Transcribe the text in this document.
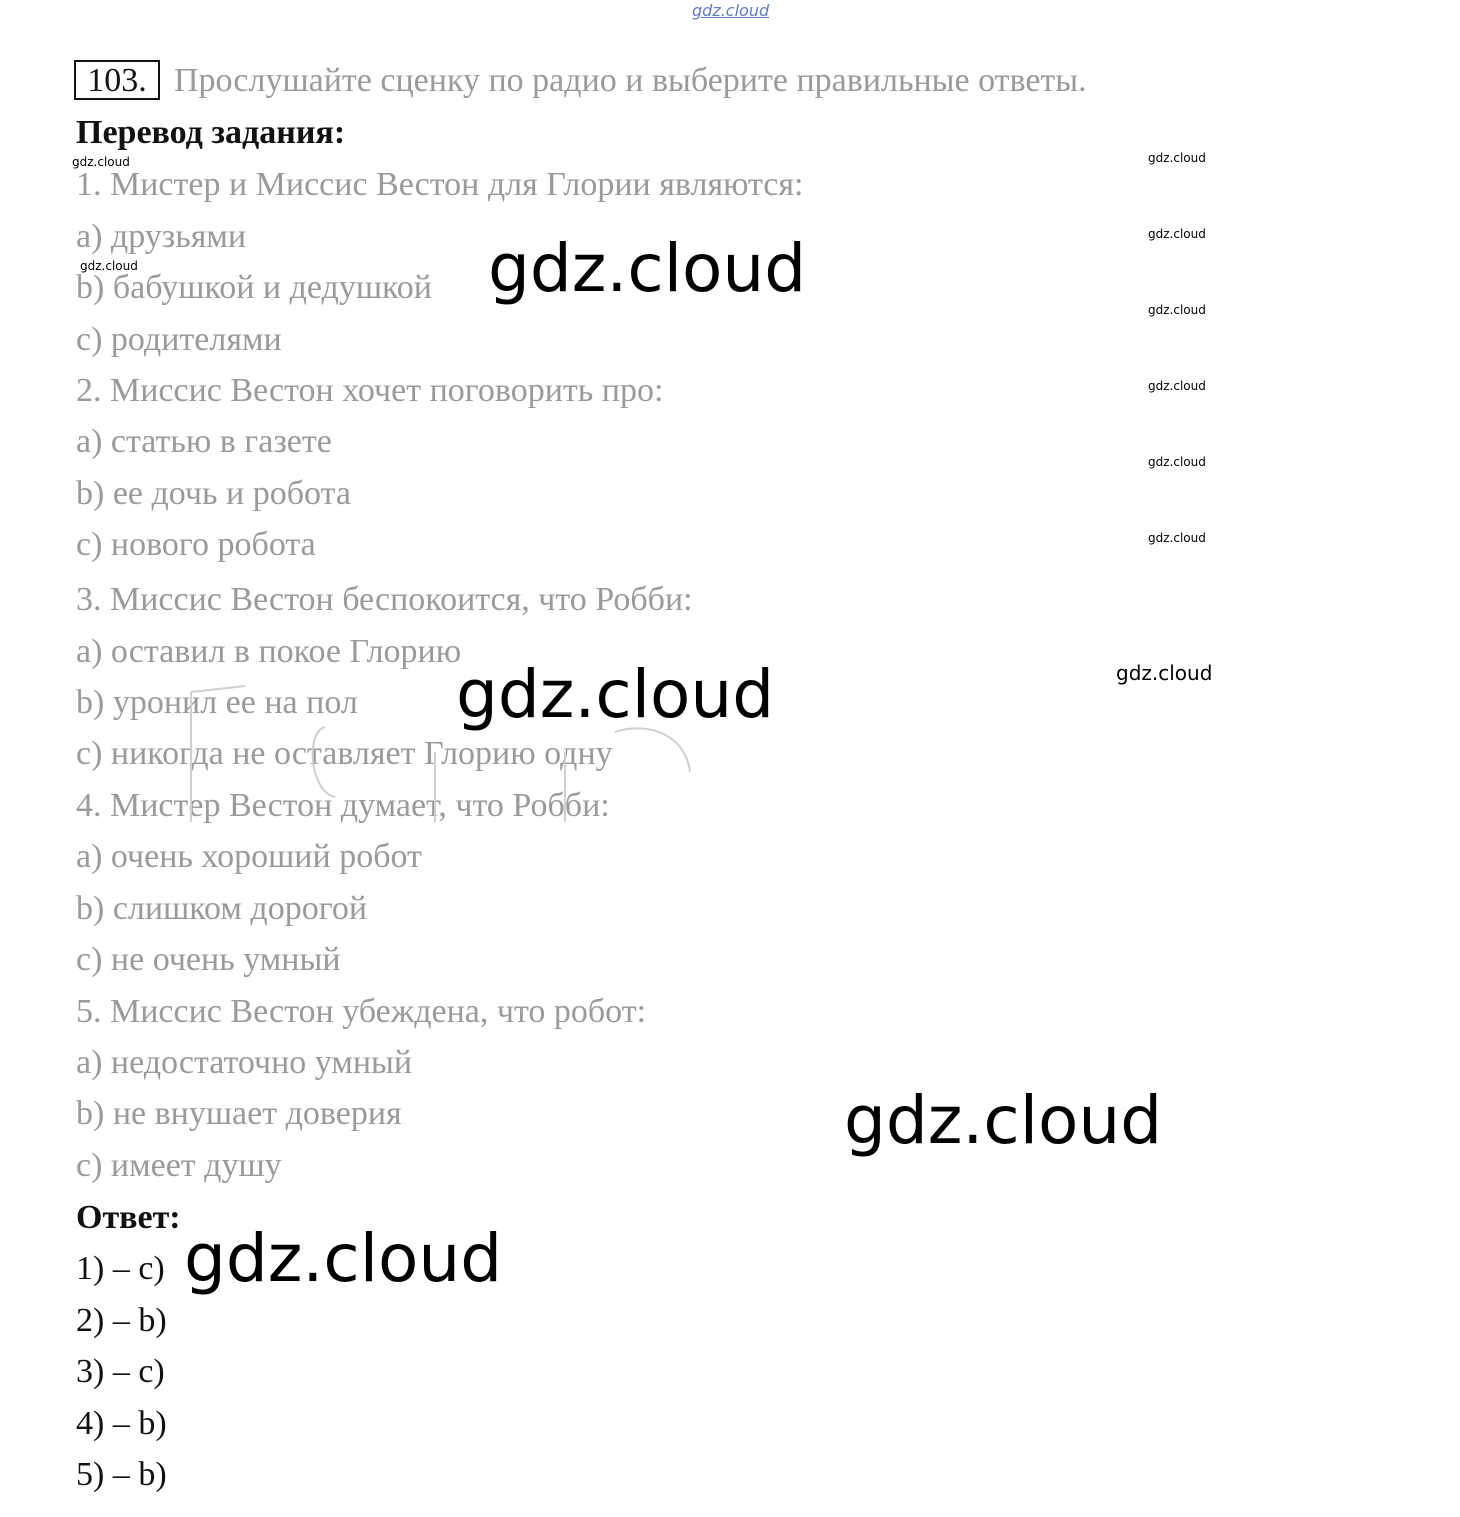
gdz.cloud
103. Прослушайте сценку по радио и выберите правильные ответы.
Перевод задания:
1. Мистер и Миссис Вестон для Глории являются:
a) друзьями
b) бабушкой и дедушкой
c) родителями
2. Миссис Вестон хочет поговорить про:
a) статью в газете
b) ее дочь и робота
c) нового робота
3. Миссис Вестон беспокоится, что Робби:
a) оставил в покое Глорию
b) уронил ее на пол
c) никогда не оставляет Глорию одну
4. Мистер Вестон думает, что Робби:
a) очень хороший робот
b) слишком дорогой
c) не очень умный
5. Миссис Вестон убеждена, что робот:
a) недостаточно умный
b) не внушает доверия
c) имеет душу
Ответ:
1) – c)
2) – b)
3) – c)
4) – b)
5) – b)
gdz.cloud
gdz.cloud
gdz.cloud
gdz.cloud
gdz.cloud
gdz.cloud
gdz.cloud
gdz.cloud
gdz.cloud
gdz.cloud
gdz.cloud
gdz.cloud
gdz.cloud
